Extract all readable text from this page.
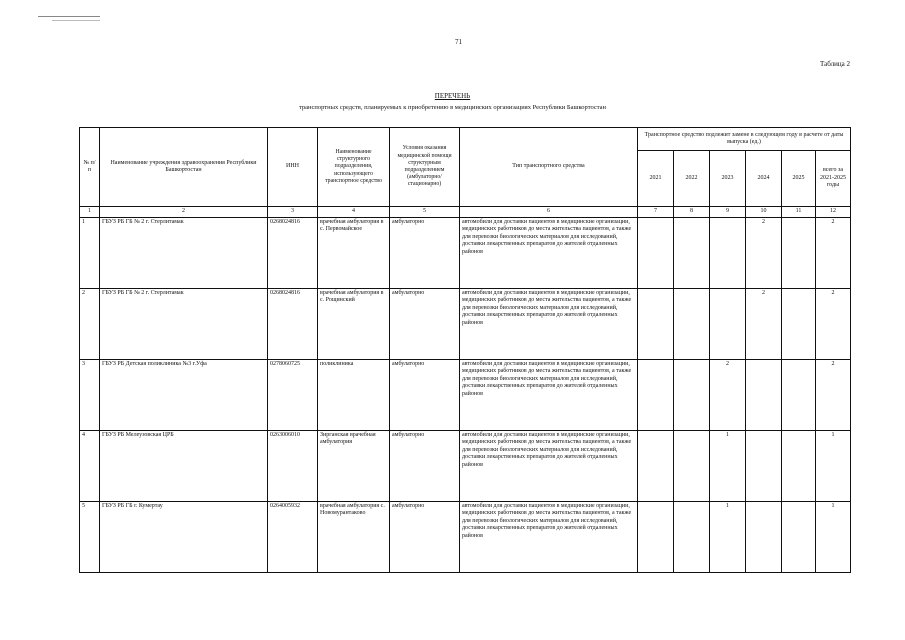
71
Таблица 2
ПЕРЕЧЕНЬ
транспортных средств, планируемых к приобретению в медицинских организациях Республики Башкортостан
№ п/п	Наименование учреждения здравоохранения Республики Башкортостан	ИНН	Наименование структурного подразделения, использующего транспортное средство	Условия оказания медицинской помощи структурным подразделением (амбулаторно/ стационарно)	Тип транспортного средства	Транспортное средство подлежит замене в следующем году в расчете от даты выпуска (ед.)					
						2021	2022	2023	2024	2025	всего за 2021-2025 годы
1	2	3	4	5	6	7	8	9	10	11	12
1	ГБУЗ РБ ГБ № 2 г. Стерлитамак	0268024816	врачебная амбулатория в с. Первомайское	амбулаторно	автомобили для доставки пациентов в медицинские организации, медицинских работников до места жительства пациентов, а также для перевозки биологических материалов для исследований, доставки лекарственных препаратов до жителей отдаленных районов				2		2
2	ГБУЗ РБ ГБ № 2 г. Стерлитамак	0268024816	врачебная амбулатория в с. Рощинский	амбулаторно	автомобили для доставки пациентов в медицинские организации, медицинских работников до места жительства пациентов, а также для перевозки биологических материалов для исследований, доставки лекарственных препаратов до жителей отдаленных районов				2		2
3	ГБУЗ РБ Детская поликлиника №3 г.Уфа	0278060725	поликлиника	амбулаторно	автомобили для доставки пациентов в медицинские организации, медицинских работников до места жительства пациентов, а также для перевозки биологических материалов для исследований, доставки лекарственных препаратов до жителей отдаленных районов			2			2
4	ГБУЗ РБ Мелеузовская ЦРБ	0263006010	Зирганская врачебная амбулатория	амбулаторно	автомобили для доставки пациентов в медицинские организации, медицинских работников до места жительства пациентов, а также для перевозки биологических материалов для исследований, доставки лекарственных препаратов до жителей отдаленных районов			1			1
5	ГБУЗ РБ ГБ г. Кумертау	0264005932	врачебная амбулатория с. Новомурантаково	амбулаторно	автомобили для доставки пациентов в медицинские организации, медицинских работников до места жительства пациентов, а также для перевозки биологических материалов для исследований, доставки лекарственных препаратов до жителей отдаленных районов			1			1
